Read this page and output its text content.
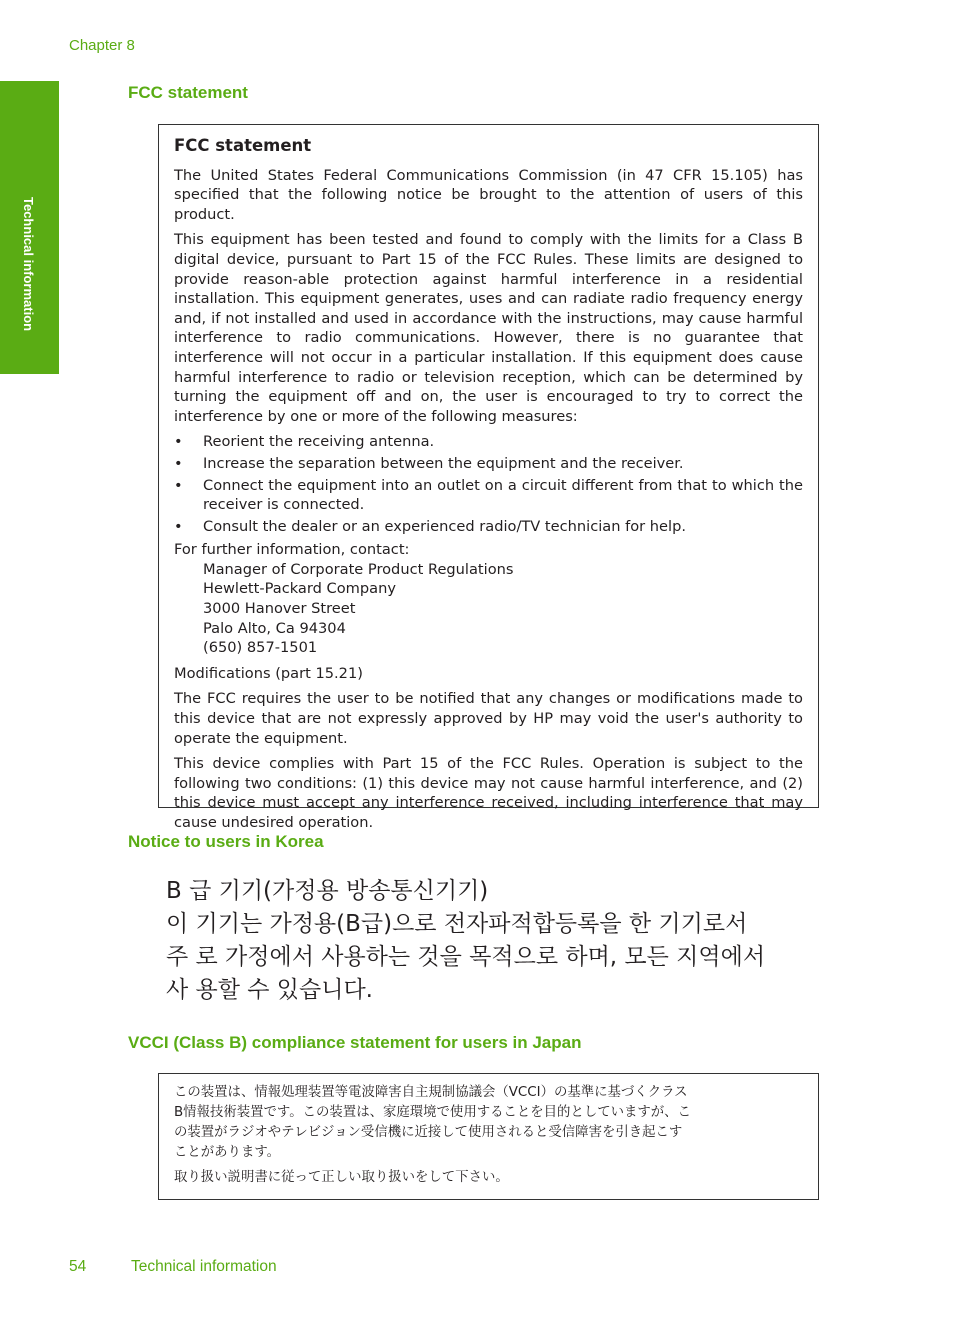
Chapter 8
Technical information
FCC statement
FCC statement

The United States Federal Communications Commission (in 47 CFR 15.105) has specified that the following notice be brought to the attention of users of this product.

This equipment has been tested and found to comply with the limits for a Class B digital device, pursuant to Part 15 of the FCC Rules. These limits are designed to provide reason-able protection against harmful interference in a residential installation. This equipment generates, uses and can radiate radio frequency energy and, if not installed and used in accordance with the instructions, may cause harmful interference to radio communications. However, there is no guarantee that interference will not occur in a particular installation. If this equipment does cause harmful interference to radio or television reception, which can be determined by turning the equipment off and on, the user is encouraged to try to correct the interference by one or more of the following measures:

• Reorient the receiving antenna.
• Increase the separation between the equipment and the receiver.
• Connect the equipment into an outlet on a circuit different from that to which the receiver is connected.
• Consult the dealer or an experienced radio/TV technician for help.
For further information, contact:
Manager of Corporate Product Regulations
Hewlett-Packard Company
3000 Hanover Street
Palo Alto, Ca 94304
(650) 857-1501

Modifications (part 15.21)

The FCC requires the user to be notified that any changes or modifications made to this device that are not expressly approved by HP may void the user's authority to operate the equipment.

This device complies with Part 15 of the FCC Rules. Operation is subject to the following two conditions: (1) this device may not cause harmful interference, and (2) this device must accept any interference received, including interference that may cause undesired operation.

Notice to users in Korea
B 급 기기(가정용 방송통신기기)
이 기기는 가정용(B급)으로 전자파적합등록을 한 기기로서
주 로 가정에서 사용하는 것을 목적으로 하며, 모든 지역에서
사 용할 수 있습니다.
VCCI (Class B) compliance statement for users in Japan

この装置は、情報処理装置等電波障害自主規制協議会（VCCI）の基準に基づくクラス
B情報技術装置です。この装置は、家庭環境で使用することを目的としていますが、こ
の装置がラジオやテレビジョン受信機に近接して使用されると受信障害を引き起こす
ことがあります。

取り扱い説明書に従って正しい取り扱いをして下さい。

54	Technical information
